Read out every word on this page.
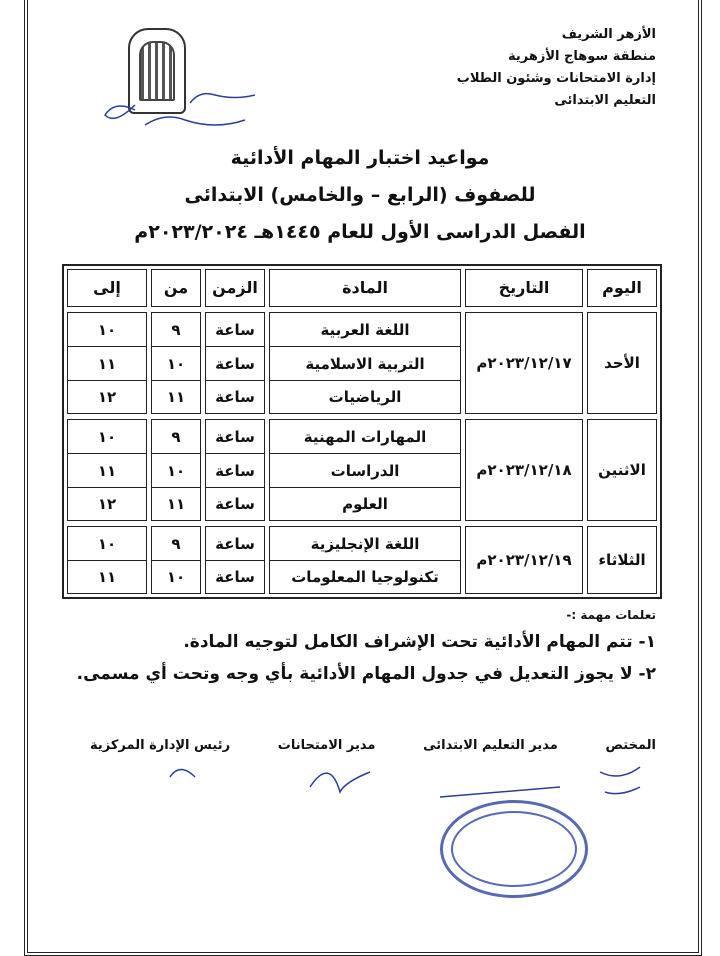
الأزهر الشريف
منطقة سوهاج الأزهرية
إدارة الامتحانات وشئون الطلاب
التعليم الابتدائى
مواعيد اختبار المهام الأدائية
للصفوف (الرابع – والخامس) الابتدائى
الفصل الدراسى الأول للعام ١٤٤٥هـ ٢٠٢٣/٢٠٢٤م
اليوم
التاريخ
المادة
الزمن
من
إلى
الأحد
٢٠٢٣/١٢/١٧م
اللغة العربية
التربية الاسلامية
الرياضيات
ساعة
ساعة
ساعة
٩
١٠
١١
١٠
١١
١٢
الاثنين
٢٠٢٣/١٢/١٨م
المهارات المهنية
الدراسات
العلوم
ساعة
ساعة
ساعة
٩
١٠
١١
١٠
١١
١٢
الثلاثاء
٢٠٢٣/١٢/١٩م
اللغة الإنجليزية
تكنولوجيا المعلومات
ساعة
ساعة
٩
١٠
١٠
١١
تعلمات مهمة :-
١- تتم المهام الأدائية تحت الإشراف الكامل لتوجيه المادة.
٢- لا يجوز التعديل في جدول المهام الأدائية بأي وجه وتحت أي مسمى.
المختص
مدير التعليم الابتدائى
مدير الامتحانات
رئيس الإدارة المركزية
